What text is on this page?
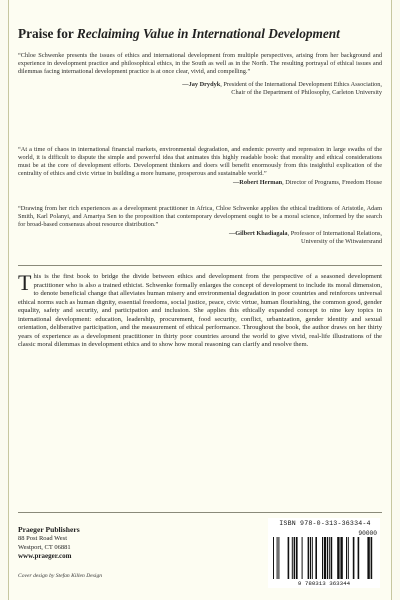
Praise for Reclaiming Value in International Development

“Chloe Schwenke presents the issues of ethics and international development from multiple perspectives, arising from her background and experience in development practice and philosophical ethics, in the South as well as in the North. The resulting portrayal of ethical issues and dilemmas facing international development practice is at once clear, vivid, and compelling.”

—Jay Drydyk, President of the International Development Ethics Association,
Chair of the Department of Philosophy, Carleton University

“At a time of chaos in international financial markets, environmental degradation, and endemic poverty and repression in large swaths of the world, it is difficult to dispute the simple and powerful idea that animates this highly readable book: that morality and ethical considerations must be at the core of development efforts. Development thinkers and doers will benefit enormously from this insightful explication of the centrality of ethics and civic virtue in building a more humane, prosperous and sustainable world.”

—Robert Herman, Director of Programs, Freedom House

“Drawing from her rich experiences as a development practitioner in Africa, Chloe Schwenke applies the ethical traditions of Aristotle, Adam Smith, Karl Polanyi, and Amartya Sen to the proposition that contemporary development ought to be a moral science, informed by the search for broad-based consensus about resource distribution.”

—Gilbert Khadiagala, Professor of International Relations,
University of the Witwatersrand
This is the first book to bridge the divide between ethics and development from the perspective of a seasoned development practitioner who is also a trained ethicist. Schwenke formally enlarges the concept of development to include its moral dimension, to denote beneficial change that alleviates human misery and environmental degradation in poor countries and reinforces universal ethical norms such as human dignity, essential freedoms, social justice, peace, civic virtue, human flourishing, the common good, gender equality, safety and security, and participation and inclusion. She applies this ethically expanded concept to nine key topics in international development: education, leadership, procurement, food security, conflict, urbanization, gender identity and sexual orientation, deliberative participation, and the measurement of ethical performance. Throughout the book, the author draws on her thirty years of experience as a development practitioner in thirty poor countries around the world to give vivid, real-life illustrations of the classic moral dilemmas in development ethics and to show how moral reasoning can clarify and resolve them.
Praeger Publishers
88 Post Road West
Westport, CT 06881
www.praeger.com
Cover design by Stefan Killen Design
ISBN 978-0-313-36334-4
90000
9 780313 363344
